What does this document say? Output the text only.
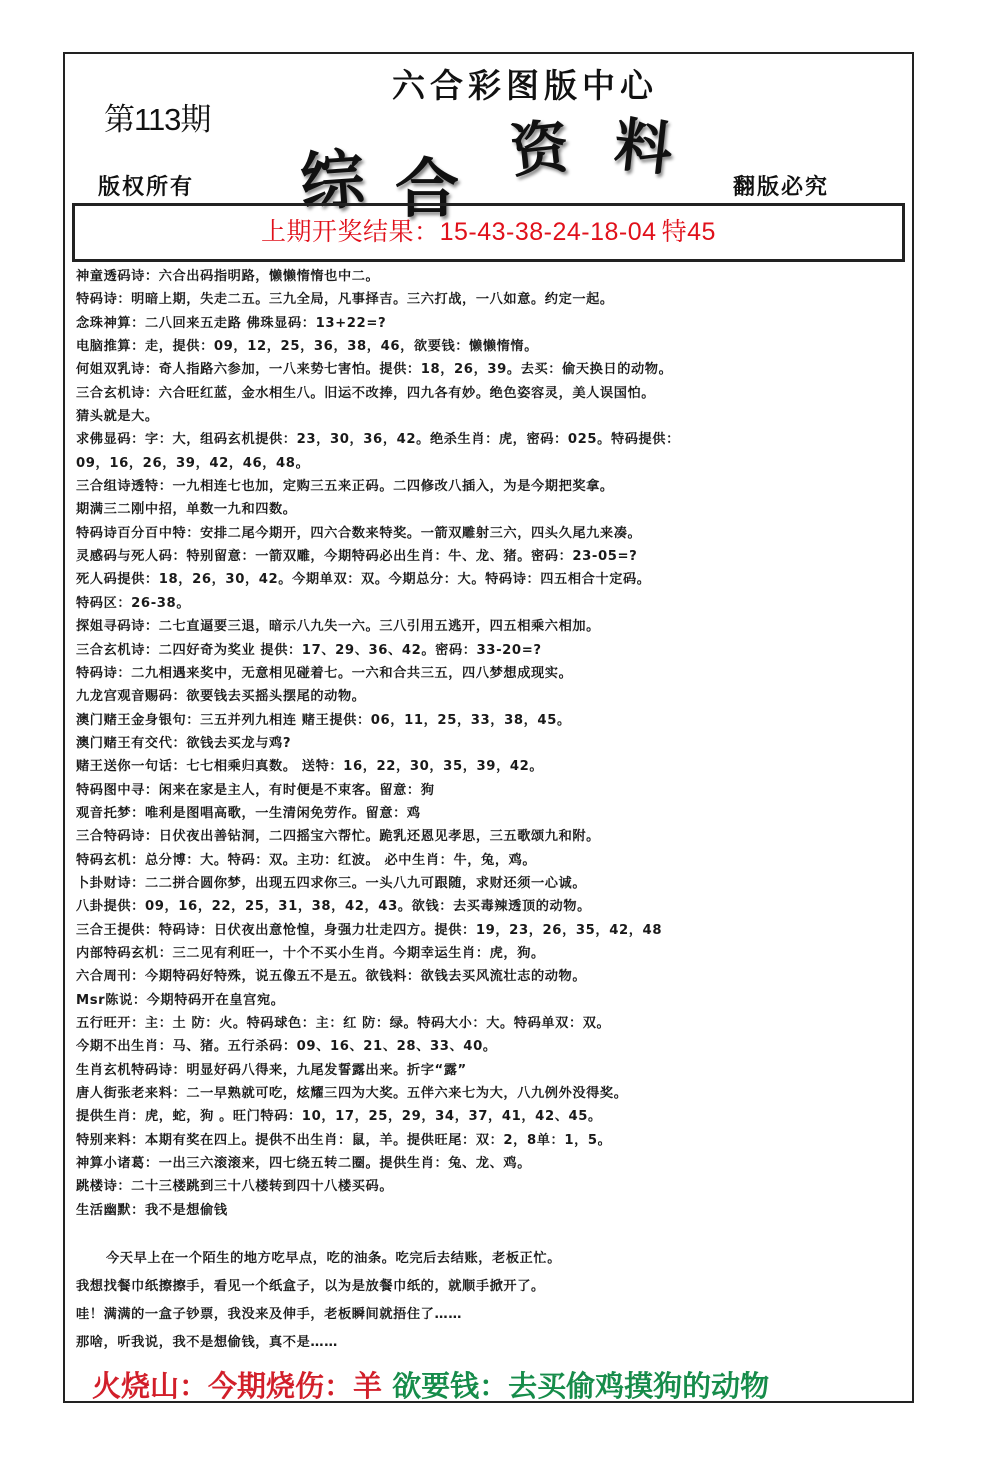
六合彩图版中心
第113期
综 合
资 料
版权所有	翻版必究
上期开奖结果：15-43-38-24-18-04 特45
神童透码诗：六合出码指明路，懒懒惰惰也中二。
特码诗：明暗上期，失走二五。三九全局，凡事择吉。三六打战，一八如意。约定一起。
念珠神算：二八回来五走路 佛珠显码：13+22=?
电脑推算：走，提供：09，12，25，36，38，46，欲要钱：懒懒惰惰。
何姐双乳诗：奇人指路六参加，一八来势七害怕。提供：18，26，39。去买：偷天换日的动物。
三合玄机诗：六合旺红蓝，金水相生八。旧运不改捧，四九各有妙。绝色姿容灵，美人误国怕。
猜头就是大。
求佛显码：字：大，组码玄机提供：23，30，36，42。绝杀生肖：虎，密码：025。特码提供：
09，16，26，39，42，46，48。
三合组诗透特：一九相连七也加，定购三五来正码。二四修改八插入，为是今期把奖拿。
期满三二刚中招，单数一九和四数。
特码诗百分百中特：安排二尾今期开，四六合数来特奖。一箭双雕射三六，四头久尾九来凑。
灵感码与死人码：特别留意：一箭双雕，今期特码必出生肖：牛、龙、猪。密码：23-05=?
死人码提供：18，26，30，42。今期单双：双。今期总分：大。特码诗：四五相合十定码。
特码区：26-38。
探姐寻码诗：二七直逼要三退，暗示八九失一六。三八引用五逃开，四五相乘六相加。
三合玄机诗：二四好奇为奖业 提供：17、29、36、42。密码：33-20=?
特码诗：二九相遇来奖中，无意相见碰着七。一六和合共三五，四八梦想成现实。
九龙宫观音赐码：欲要钱去买摇头摆尾的动物。
澳门赌王金身银句：三五并列九相连 赌王提供：06，11，25，33，38，45。
澳门赌王有交代：欲钱去买龙与鸡?
赌王送你一句话：七七相乘归真数。 送特：16，22，30，35，39，42。
特码图中寻：闲来在家是主人，有时便是不束客。留意：狗
观音托梦：唯利是图唱高歌，一生清闲免劳作。留意：鸡
三合特码诗：日伏夜出善钻洞，二四摇宝六帮忙。跪乳还恩见孝思，三五歌颂九和附。
特码玄机：总分博：大。特码：双。主功：红波。 必中生肖：牛，兔，鸡。
卜卦财诗：二二拼合圆你梦，出现五四求你三。一头八九可跟随，求财还须一心诚。
八卦提供：09，16，22，25，31，38，42，43。欲钱：去买毒辣透顶的动物。
三合王提供：特码诗：日伏夜出意怆惶，身强力壮走四方。提供：19，23，26，35，42，48
内部特码玄机：三二见有利旺一，十个不买小生肖。今期幸运生肖：虎，狗。
六合周刊：今期特码好特殊，说五像五不是五。欲钱料：欲钱去买风流壮志的动物。
Msr陈说：今期特码开在皇宫宛。
五行旺开：主：土 防：火。特码球色：主：红 防：绿。特码大小：大。特码单双：双。
今期不出生肖：马、猪。五行杀码：09、16、21、28、33、40。
生肖玄机特码诗：明显好码八得来，九尾发誓露出来。折字“露”
唐人街张老来料：二一早熟就可吃，炫耀三四为大奖。五伴六来七为大，八九例外没得奖。
提供生肖：虎，蛇，狗 。旺门特码：10，17，25，29，34，37，41，42、45。
特别来料：本期有奖在四上。提供不出生肖：鼠，羊。提供旺尾：双：2，8单：1，5。
神算小诸葛：一出三六滚滚来，四七绕五转二圈。提供生肖：兔、龙、鸡。
跳楼诗：二十三楼跳到三十八楼转到四十八楼买码。
生活幽默：我不是想偷钱
今天早上在一个陌生的地方吃早点，吃的油条。吃完后去结账，老板正忙。
我想找餐巾纸擦擦手，看见一个纸盒子，以为是放餐巾纸的，就顺手掀开了。
哇！满满的一盒子钞票，我没来及伸手，老板瞬间就捂住了……
那啥，听我说，我不是想偷钱，真不是……
火烧山：今期烧伤：羊 欲要钱：去买偷鸡摸狗的动物
